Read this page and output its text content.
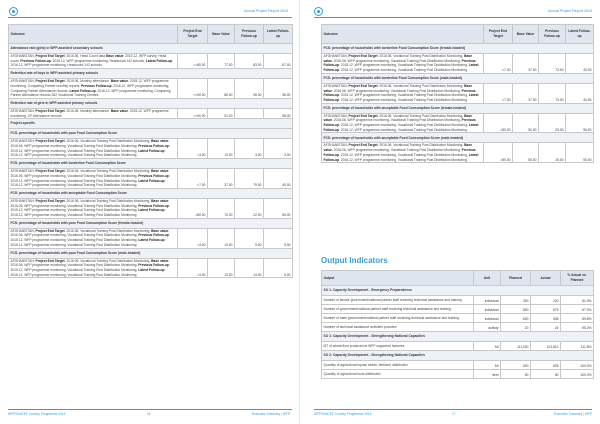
Annual Project Report 2015
Outcome	Project End Target	Base Value	Previous Follow-up	Latest Follow-up
Attendance rate (girls) in WFP-assisted secondary schools				
AFGHANISTAN, Project End Target: 2016.06, Head Count data Base value: 2015.12, WFP survey, Head count, Previous Follow-up: 2016.12, WFP programme monitoring, Headcount 142 schools, Latest Follow-up: 2016.12, WFP programme monitoring, Headcount 142 schools	>=80.00	77.00	83.00	87.00
Retention rate of boys in WFP-assisted primary schools				
AFGHANISTAN, Project End Target: 2016.06, Monthly attendance. Base value: 2015.12, WFP programme monitoring, Comparing Partner monthly reports, Previous Follow-up: 2016.12, WFP programme monitoring, Comparing Partner Attendance records, Latest Follow-up: 2016.12, WFP programme monitoring, Comparing Partner Attendance records 282 Vocational Training Centres	>=90.00	88.00	96.00	98.00
Retention rate of girls in WFP-assisted primary schools				
AFGHANISTAN, Project End Target: 2016.06, Monthly attendance, Base value: 2015.12, WFP programme monitoring, CP Attendance records	>=90.00	91.00		98.00
Project-specific				
FCS: percentage of households with poor Food Consumption Score				
AFGHANISTAN, Project End Target: 2016.06, Vocational Training Post Distribution Monitoring, Base value: 2016.06, WFP programme monitoring, Vocational Training Post Distribution Monitoring, Previous Follow-up: 2015.12, WFP programme monitoring, Vocational Training Post Distribution Monitoring, Latest Follow-up: 2016.12, WFP programme monitoring, Vocational Training Post Distribution Monitoring	<3.00	13.00	3.00	3.00
FCS: percentage of households with borderline Food Consumption Score				
AFGHANISTAN, Project End Target: 2016.06, Vocational Training Post Distribution Monitoring, Base value: 2016.06, WFP programme monitoring, Vocational Training Post Distribution Monitoring, Previous Follow-up: 2015.12, WFP programme monitoring, Vocational Training Post Distribution Monitoring, Latest Follow-up: 2016.12, WFP programme monitoring, Vocational Training Post Distribution Monitoring	<7.00	37.00	79.00	40.00
FCS: percentage of households with acceptable Food Consumption Score				
AFGHANISTAN, Project End Target: 2016.06, Vocational Training Post Distribution Monitoring, Base value: 2016.06, WFP programme monitoring, Vocational Training Post Distribution Monitoring, Previous Follow-up: 2015.12, WFP programme monitoring, Vocational Training Post Distribution Monitoring, Latest Follow-up: 2016.12, WFP programme monitoring, Vocational Training Post Distribution Monitoring	>80.00	70.00	22.00	55.00
FCS: percentage of households with poor Food Consumption Score (female-headed)				
AFGHANISTAN, Project End Target: 2016.06, Vocational Training Post Distribution Monitoring, Base value: 2016.06, WFP programme monitoring, Vocational Training Post Distribution Monitoring, Previous Follow-up: 2015.12, WFP programme monitoring, Vocational Training Post Distribution Monitoring, Latest Follow-up: 2016.12, WFP programme monitoring, Vocational Training Post Distribution Monitoring	<3.00	13.00	5.00	5.00
FCS: percentage of households with poor Food Consumption Score (male-headed)				
AFGHANISTAN, Project End Target: 2016.06, Vocational Training Post Distribution Monitoring, Base value: 2016.06, WFP programme monitoring, Vocational Training Post Distribution Monitoring, Previous Follow-up: 2015.12, WFP programme monitoring, Vocational Training Post Distribution Monitoring, Latest Follow-up: 2016.12, WFP programme monitoring, Vocational Training Post Distribution Monitoring	<3.00	13.00	13.00	5.00
WFP/UNICEF Country Programme 2016	16	Executive Summary | WFP
Annual Project Report 2015
Outcome	Project End Target	Base Value	Previous Follow-up	Latest Follow-up
FCS: percentage of households with borderline Food Consumption Score (female-headed)				
AFGHANISTAN, Project End Target: 2016.06, Vocational Training Post Distribution Monitoring, Base value: 2016.06, WFP programme monitoring, Vocational Training Post Distribution Monitoring, Previous Follow-up: 2015.12, WFP programme monitoring, Vocational Training Post Distribution Monitoring, Latest Follow-up: 2016.12, WFP programme monitoring, Vocational Training Post Distribution Monitoring	<7.00	37.00	73.00	40.00
FCS: percentage of households with borderline Food Consumption Score (male-headed)				
AFGHANISTAN, Project End Target: 2016.06, Vocational Training Post Distribution Monitoring, Base value: 2016.06, WFP programme monitoring, Vocational Training Post Distribution Monitoring, Previous Follow-up: 2015.12, WFP programme monitoring, Vocational Training Post Distribution Monitoring, Latest Follow-up: 2016.12, WFP programme monitoring, Vocational Training Post Distribution Monitoring	<7.00	37.00	73.00	40.00
FCS: percentage of households with acceptable Food Consumption Score (female-headed)				
AFGHANISTAN, Project End Target: 2016.06, Vocational Training Post Distribution Monitoring, Base value: 2016.06, WFP programme monitoring, Vocational Training Post Distribution Monitoring, Previous Follow-up: 2015.12, WFP programme monitoring, Vocational Training Post Distribution Monitoring, Latest Follow-up: 2016.12, WFP programme monitoring, Vocational Training Post Distribution Monitoring	>80.00	50.00	25.00	55.00
FCS: percentage of households with acceptable Food Consumption Score (male-headed)				
AFGHANISTAN, Project End Target: 2016.06, Vocational Training Post Distribution Monitoring, Base value: 2016.06, WFP programme monitoring, Vocational Training Post Distribution Monitoring, Previous Follow-up: 2015.12, WFP programme monitoring, Vocational Training Post Distribution Monitoring, Latest Follow-up: 2016.12, WFP programme monitoring, Vocational Training Post Distribution Monitoring	>80.00	50.00	15.00	55.00
Output Indicators
Output	Unit	Planned	Actual	% Actual vs. Planned
SO 1: Capacity Development - Emergency Preparedness				
Number of female government/national partner staff receiving technical assistance and training	individual	300	220	61.0%
Number of government/national partner staff receiving technical assistance and training	individual	800	679	67.0%
Number of male government/national partner staff receiving technical assistance and training	individual	600	538	89.8%
Number of technical assistance activities provided	activity	20	24	95.2%
SO 1: Capacity Development - Strengthening National Capacities				
MT of wheat flour produced at WFP supported factories	Mt	111,000	123,810	111.8%
SO 2: Capacity Development - Strengthening National Capacities				
Quantity of agricultural inputs/ seeds, fertilizer) distributed	Mt	500	605	100.0%
Quantity of agricultural tools distributed	item	50	50	100.0%
WFP/UNICEF Country Programme 2016	17	Executive Summary | WFP
